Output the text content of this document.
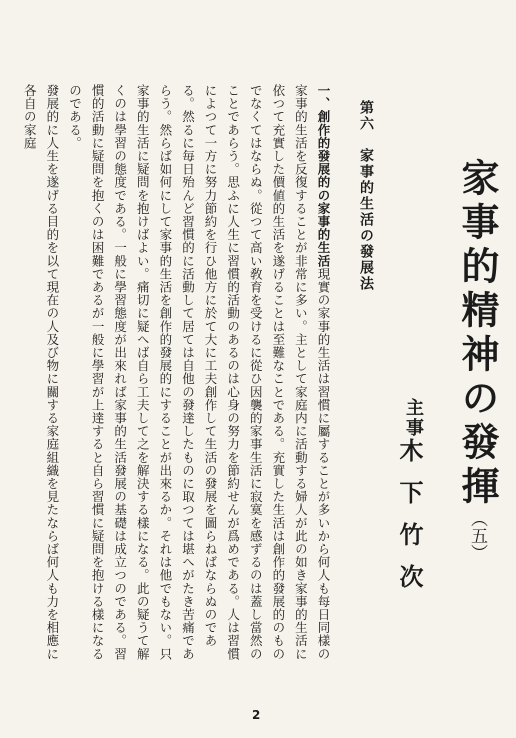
家事的精神の發揮
（五）
主事
木下竹次
第六　家事的生活の發展法

一、創作的發展的の家事的生活現實の家事的生活は習慣に屬することが多いから何人も每日同樣の家事的生活を反復することが非常に多い。主として家庭内に活動する婦人が此の如き家事的生活に依つて充實した價値的生活を遂げることは至難なことである。充實した生活は創作的發展的のものでなくてはならぬ。從つて高い敎育を受けるに從ひ因襲的家事生活に寂寞を感ずるのは蓋し當然のことであらう。思ふに人生に習慣的活動のあるのは心身の努力を節約せんが爲めである。人は習慣によつて一方に努力節約を行ひ他方に於て大に工夫創作して生活の發展を圖らねばならぬのである。然るに毎日殆んど習慣的に活動して居ては自他の發達したものに取つては堪へがたき苦痛であらう。然らば如何にして家事的生活を創作的發展的にすることが出來るか。それは他でもない。只家事的生活に疑問を抱けばよい。痛切に疑へば自ら工夫して之を解決する樣になる。此の疑うて解くのは學習の態度である。一般に學習態度が出來れば家事的生活發展の基礎は成立つのである。習慣的活動に疑問を抱くのは困難であるが一般に學習が上達すると自ら習慣に疑問を抱ける樣になるのである。

發展的に人生を遂げる目的を以て現在の人及び物に關する家庭組織を見たならば何人も力を相應に各自の家庭

2
